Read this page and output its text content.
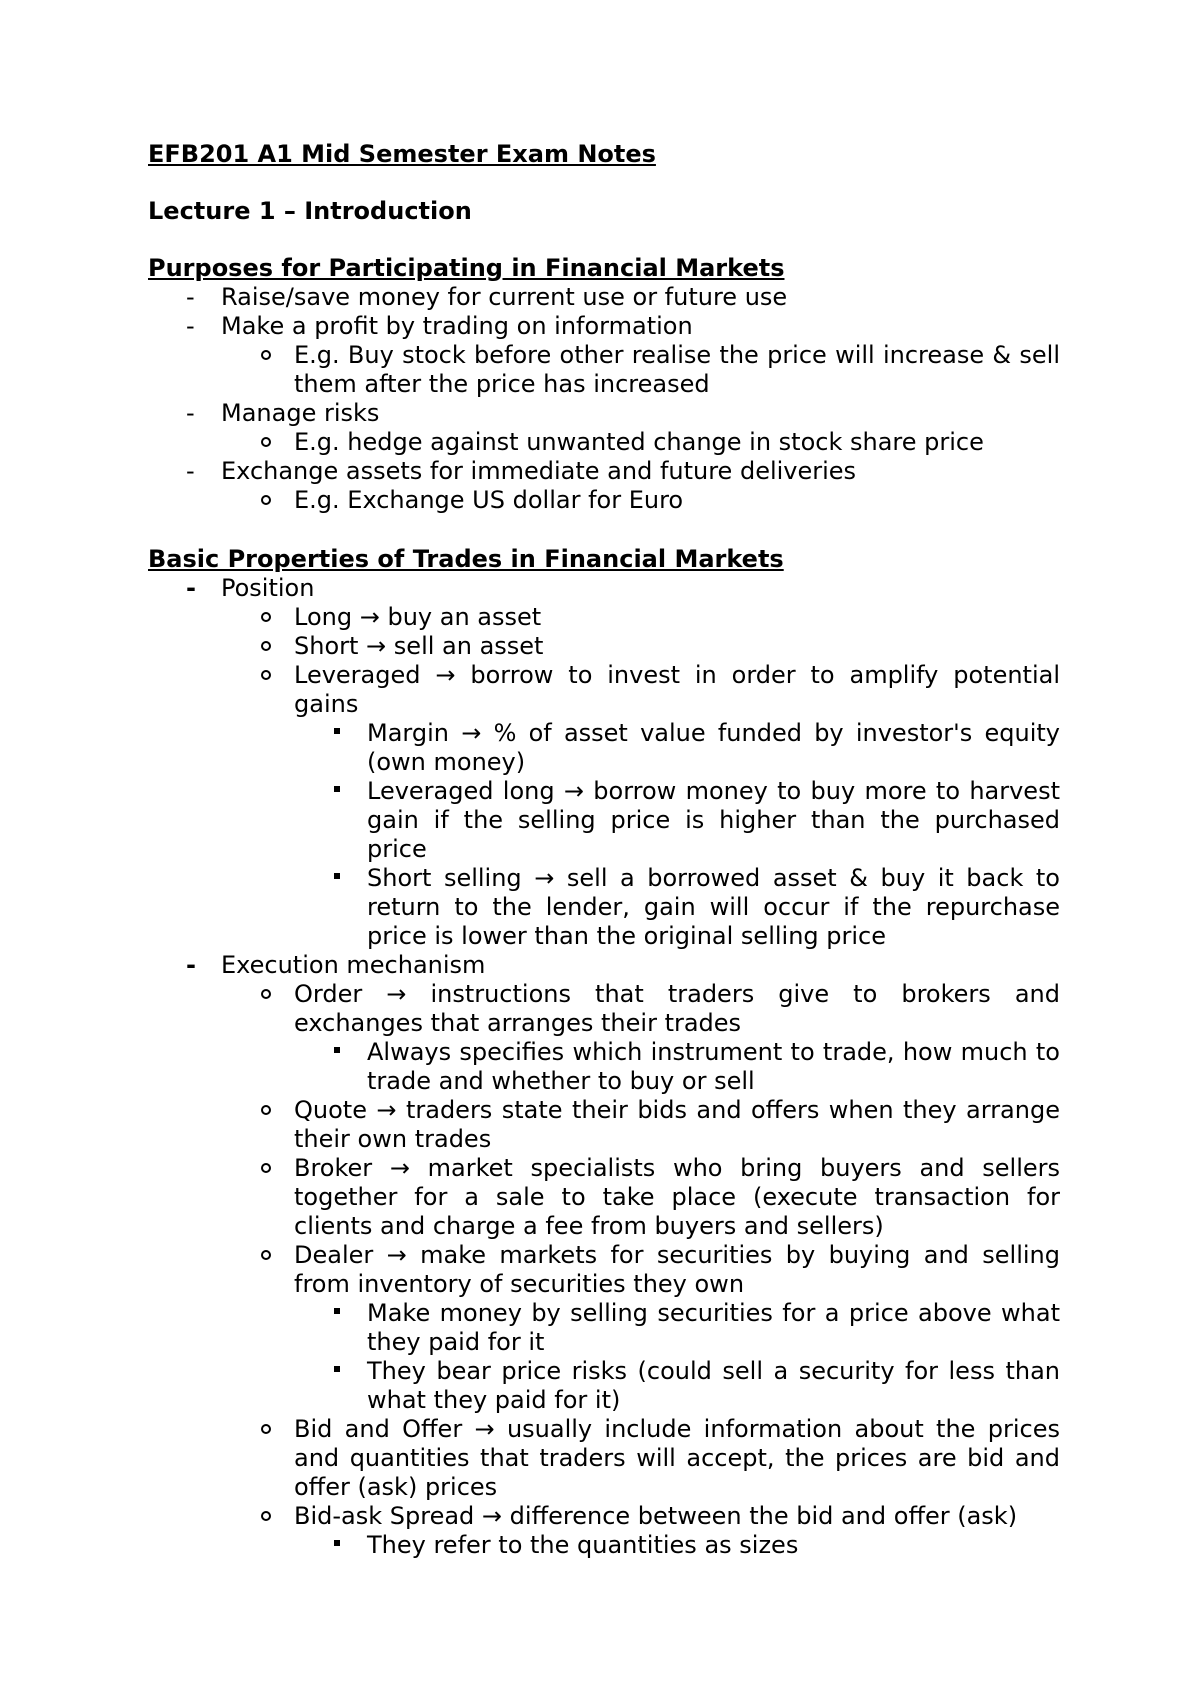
EFB201 A1 Mid Semester Exam Notes

Lecture 1 – Introduction

Purposes for Participating in Financial Markets

-	Raise/save money for current use or future use
-	Make a profit by trading on information
E.g. Buy stock before other realise the price will increase & sell them after the price has increased
-	Manage risks
E.g. hedge against unwanted change in stock share price
-	Exchange assets for immediate and future deliveries
E.g. Exchange US dollar for Euro

Basic Properties of Trades in Financial Markets

-	Position
Long → buy an asset
Short → sell an asset
Leveraged → borrow to invest in order to amplify potential gains
Margin → % of asset value funded by investor's equity (own money)
Leveraged long → borrow money to buy more to harvest gain if the selling price is higher than the purchased price
Short selling → sell a borrowed asset & buy it back to return to the lender, gain will occur if the repurchase price is lower than the original selling price
-	Execution mechanism
Order → instructions that traders give to brokers and exchanges that arranges their trades
Always specifies which instrument to trade, how much to trade and whether to buy or sell
Quote → traders state their bids and offers when they arrange their own trades
Broker → market specialists who bring buyers and sellers together for a sale to take place (execute transaction for clients and charge a fee from buyers and sellers)
Dealer → make markets for securities by buying and selling from inventory of securities they own
Make money by selling securities for a price above what they paid for it
They bear price risks (could sell a security for less than what they paid for it)
Bid and Offer → usually include information about the prices and quantities that traders will accept, the prices are bid and offer (ask) prices
Bid-ask Spread → difference between the bid and offer (ask)
They refer to the quantities as sizes
